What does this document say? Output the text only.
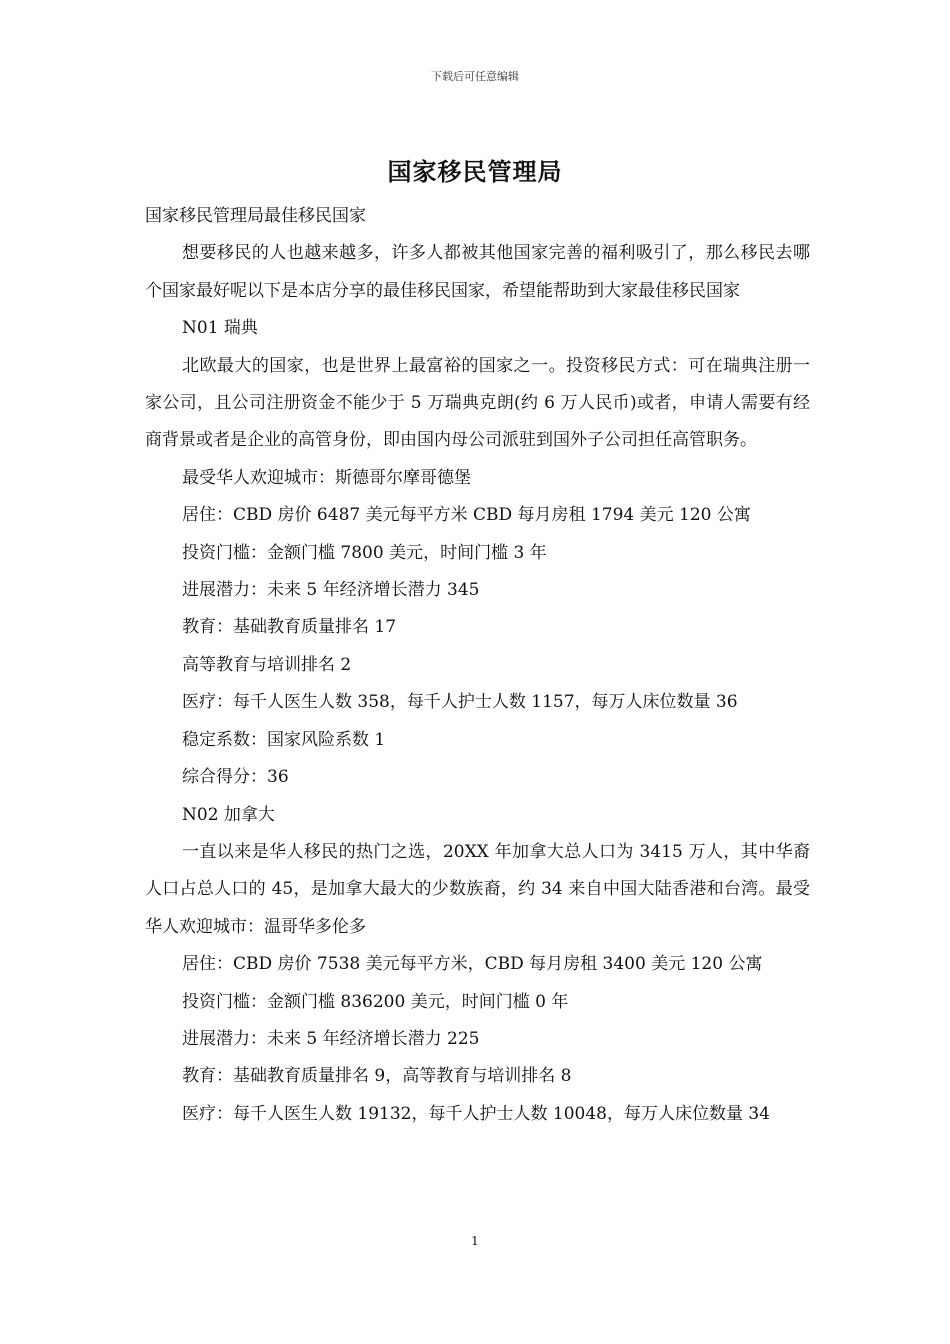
下载后可任意编辑
国家移民管理局

国家移民管理局最佳移民国家

想要移民的人也越来越多，许多人都被其他国家完善的福利吸引了，那么移民去哪个国家最好呢以下是本店分享的最佳移民国家，希望能帮助到大家最佳移民国家

N01 瑞典

北欧最大的国家，也是世界上最富裕的国家之一。投资移民方式：可在瑞典注册一家公司，且公司注册资金不能少于 5 万瑞典克朗(约 6 万人民币)或者，申请人需要有经商背景或者是企业的高管身份，即由国内母公司派驻到国外子公司担任高管职务。

最受华人欢迎城市：斯德哥尔摩哥德堡

居住：CBD 房价 6487 美元每平方米 CBD 每月房租 1794 美元 120 公寓

投资门槛：金额门槛 7800 美元，时间门槛 3 年

进展潜力：未来 5 年经济增长潜力 345

教育：基础教育质量排名 17

高等教育与培训排名 2

医疗：每千人医生人数 358，每千人护士人数 1157，每万人床位数量 36

稳定系数：国家风险系数 1

综合得分：36

N02 加拿大

一直以来是华人移民的热门之选，20XX 年加拿大总人口为 3415 万人，其中华裔人口占总人口的 45，是加拿大最大的少数族裔，约 34 来自中国大陆香港和台湾。最受华人欢迎城市：温哥华多伦多

居住：CBD 房价 7538 美元每平方米，CBD 每月房租 3400 美元 120 公寓

投资门槛：金额门槛 836200 美元，时间门槛 0 年

进展潜力：未来 5 年经济增长潜力 225

教育：基础教育质量排名 9，高等教育与培训排名 8

医疗：每千人医生人数 19132，每千人护士人数 10048，每万人床位数量 34

1
